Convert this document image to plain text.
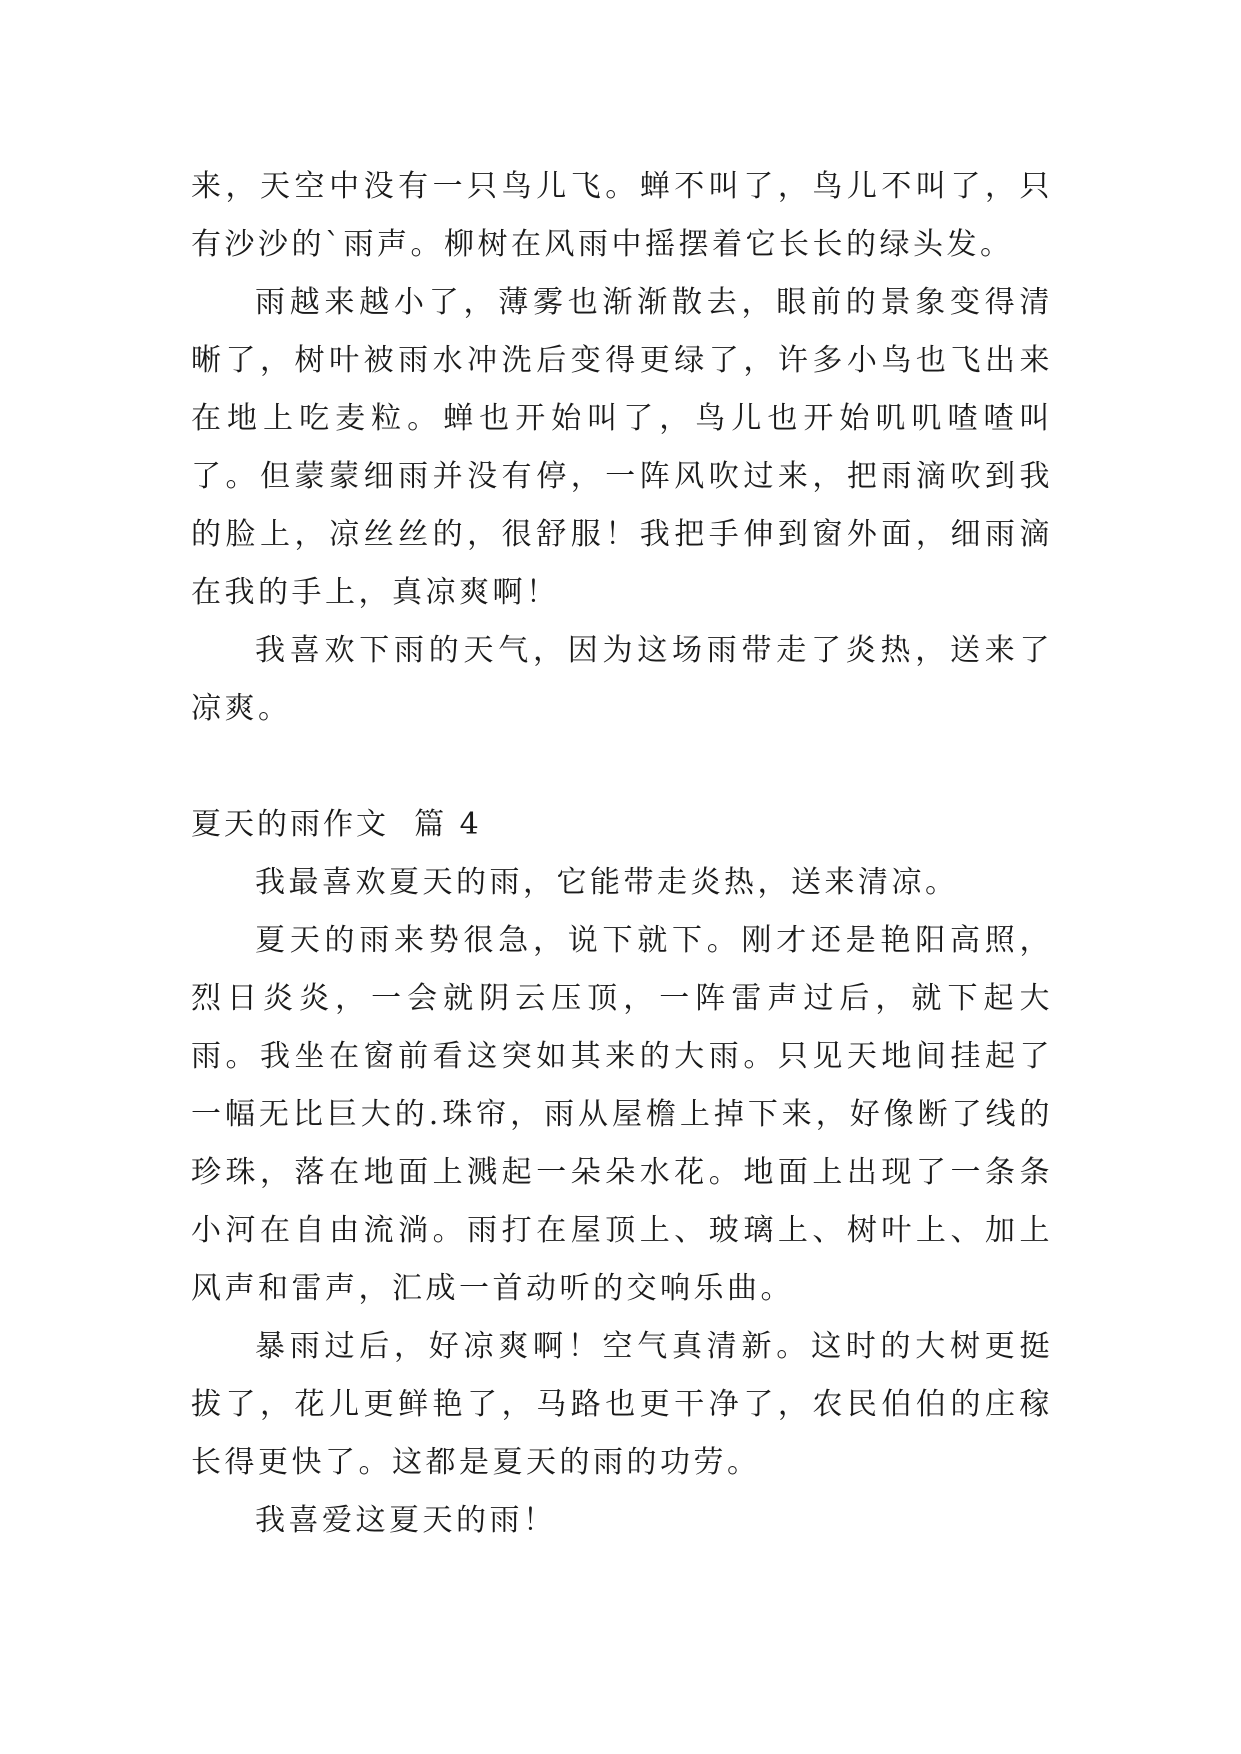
来，天空中没有一只鸟儿飞。蝉不叫了，鸟儿不叫了，只有沙沙的`雨声。柳树在风雨中摇摆着它长长的绿头发。

雨越来越小了，薄雾也渐渐散去，眼前的景象变得清晰了，树叶被雨水冲洗后变得更绿了，许多小鸟也飞出来在地上吃麦粒。蝉也开始叫了，鸟儿也开始叽叽喳喳叫了。但蒙蒙细雨并没有停，一阵风吹过来，把雨滴吹到我的脸上，凉丝丝的，很舒服！我把手伸到窗外面，细雨滴在我的手上，真凉爽啊！

我喜欢下雨的天气，因为这场雨带走了炎热，送来了凉爽。

夏天的雨作文  篇 4

我最喜欢夏天的雨，它能带走炎热，送来清凉。

夏天的雨来势很急，说下就下。刚才还是艳阳高照，烈日炎炎，一会就阴云压顶，一阵雷声过后，就下起大雨。我坐在窗前看这突如其来的大雨。只见天地间挂起了一幅无比巨大的.珠帘，雨从屋檐上掉下来，好像断了线的珍珠，落在地面上溅起一朵朵水花。地面上出现了一条条小河在自由流淌。雨打在屋顶上、玻璃上、树叶上、加上风声和雷声，汇成一首动听的交响乐曲。

暴雨过后，好凉爽啊！空气真清新。这时的大树更挺拔了，花儿更鲜艳了，马路也更干净了，农民伯伯的庄稼长得更快了。这都是夏天的雨的功劳。

我喜爱这夏天的雨！
